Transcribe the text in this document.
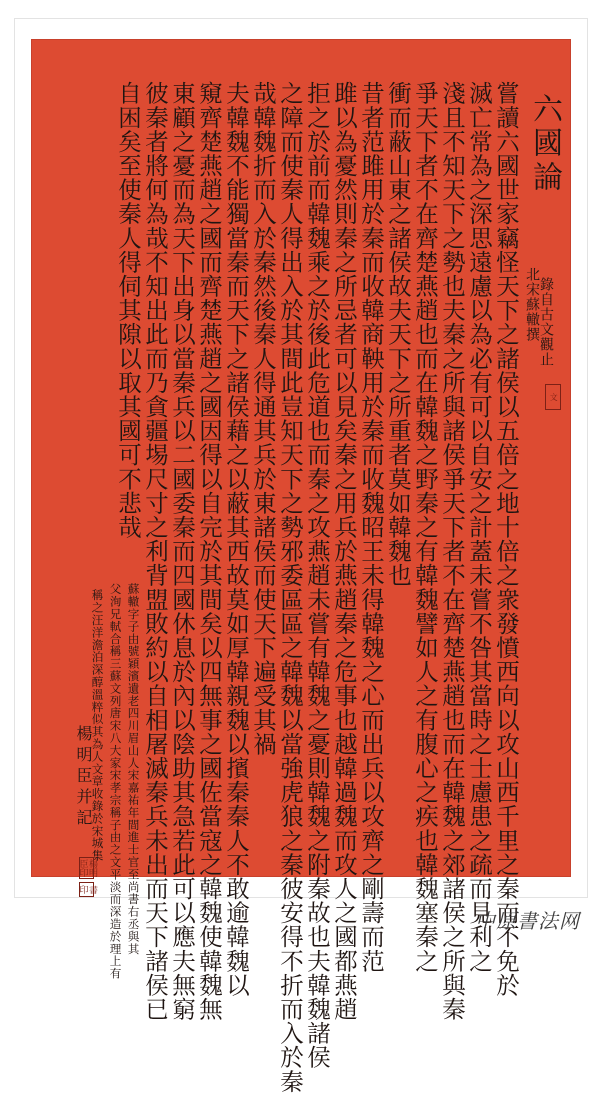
六國論
北宋蘇轍撰
錄自古文觀止
文
嘗讀六國世家竊怪天下之諸侯以五倍之地十倍之衆發憤西向以攻山西千里之秦而不免於
滅亡常為之深思遠慮以為必有可以自安之計蓋未嘗不咎其當時之士慮患之疏而見利之
淺且不知天下之勢也夫秦之所與諸侯爭天下者不在齊楚燕趙也而在韓魏之郊諸侯之所與秦
爭天下者不在齊楚燕趙也而在韓魏之野秦之有韓魏譬如人之有腹心之疾也韓魏塞秦之
衝而蔽山東之諸侯故夫天下之所重者莫如韓魏也
昔者范雎用於秦而收韓商鞅用於秦而收魏昭王未得韓魏之心而出兵以攻齊之剛壽而范
雎以為憂然則秦之所忌者可以見矣秦之用兵於燕趙秦之危事也越韓過魏而攻人之國都燕趙
拒之於前而韓魏乘之於後此危道也而秦之攻燕趙未嘗有韓魏之憂則韓魏之附秦故也夫韓魏諸侯
之障而使秦人得出入於其間此豈知天下之勢邪委區區之韓魏以當強虎狼之秦彼安得不折而入於秦
哉韓魏折而入於秦然後秦人得通其兵於東諸侯而使天下遍受其禍
夫韓魏不能獨當秦而天下之諸侯藉之以蔽其西故莫如厚韓親魏以擯秦秦人不敢逾韓魏以
窺齊楚燕趙之國而齊楚燕趙之國因得以自完於其間矣以四無事之國佐當寇之韓魏使韓魏無
東顧之憂而為天下出身以當秦兵以二國委秦而四國休息於內以陰助其急若此可以應夫無窮
彼秦者將何為哉不知出此而乃貪疆埸尺寸之利背盟敗約以自相屠滅秦兵未出而天下諸侯已
自困矣至使秦人得伺其隙以取其國可不悲哉
蘇轍字子由號穎濱遺老四川眉山人宋嘉祐年間進士官至尚書右丞與其
父洵兄軾合稱三蘇文列唐宋八大家宋孝宗稱子由之文平淡而深造於理上有
稱之汪洋澹泊深醇溫粹似其為人文章收錄於宋城集
楊明臣并記
楊明臣印
書印
中原書法网
